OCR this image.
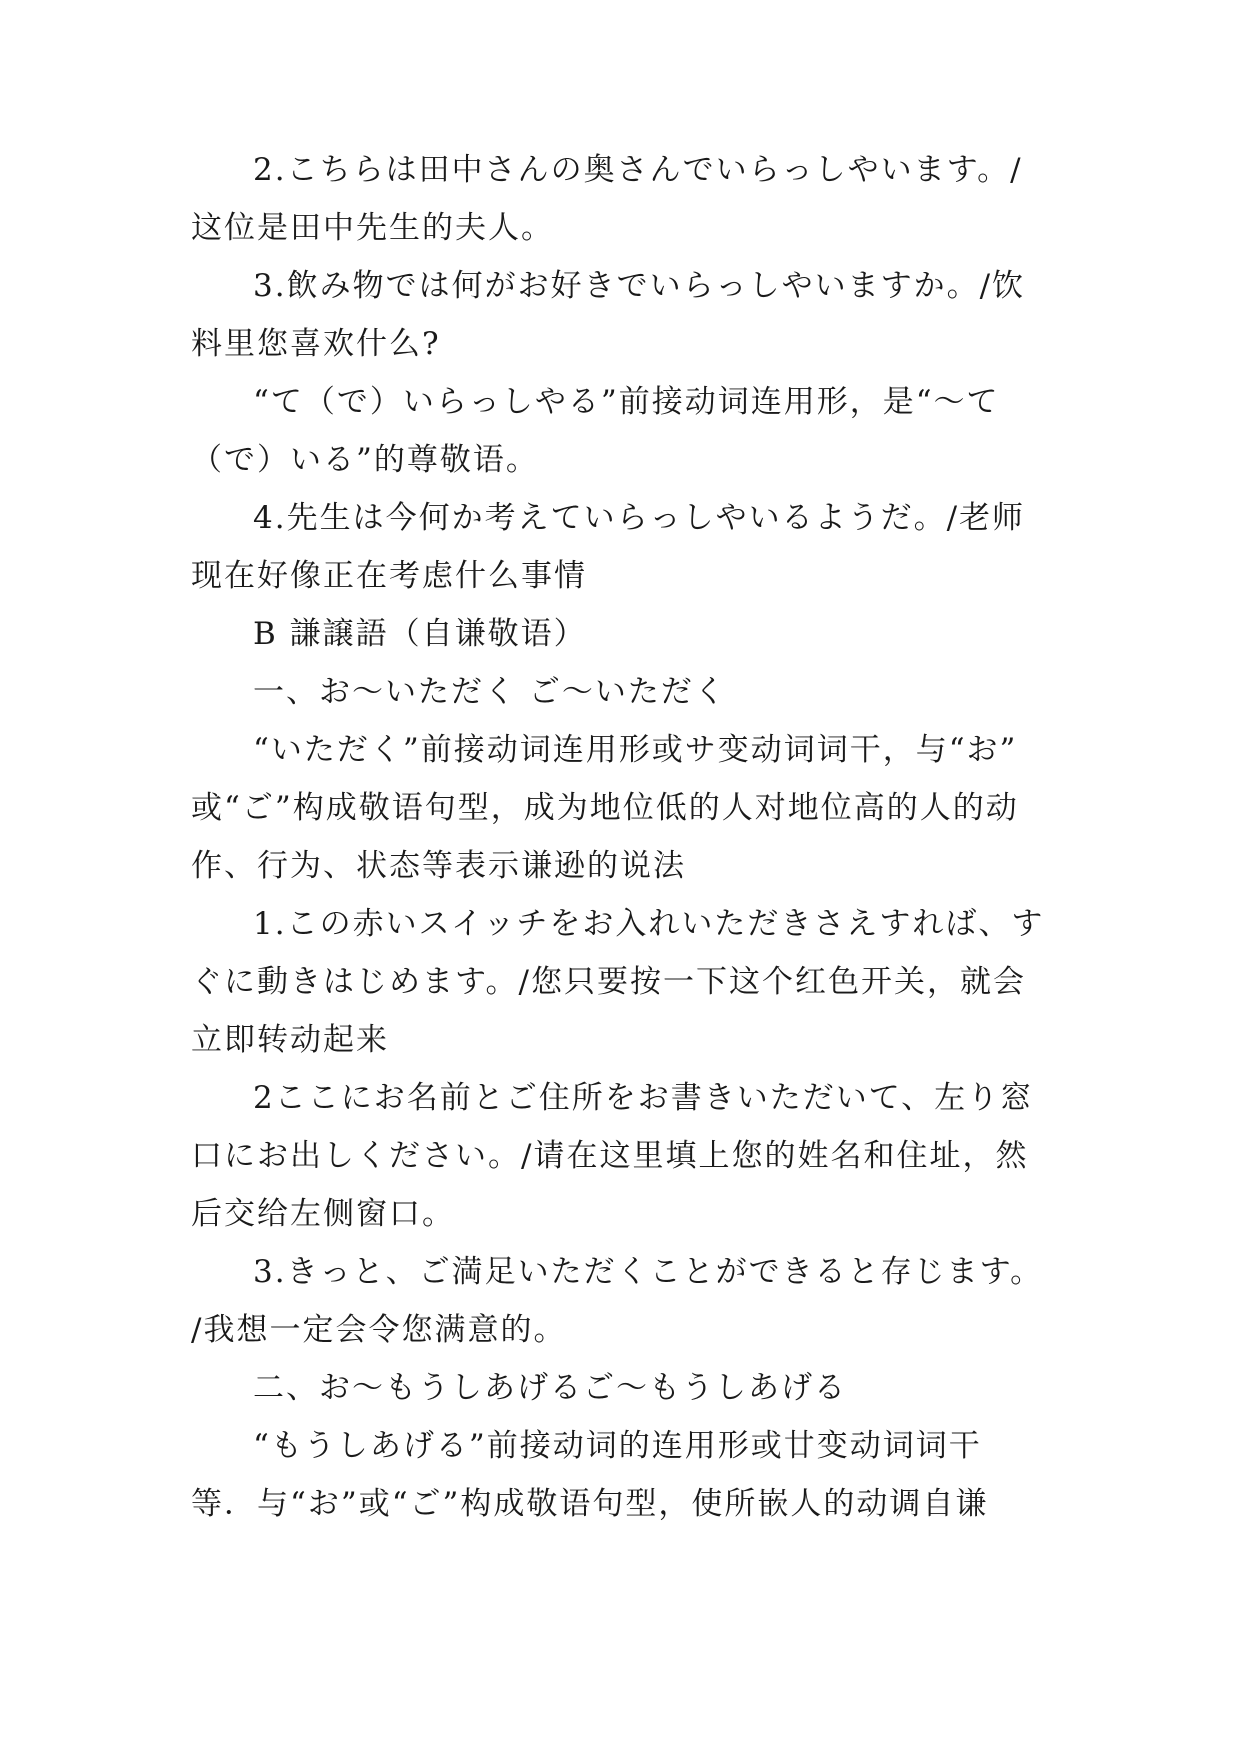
2.こちらは田中さんの奥さんでいらっしやいます。/
这位是田中先生的夫人。
3.飲み物では何がお好きでいらっしやいますか。/饮
料里您喜欢什么?
“て（で）いらっしやる”前接动词连用形，是“～て
（で）いる”的尊敬语。
4.先生は今何か考えていらっしやいるようだ。/老师
现在好像正在考虑什么事情
B 謙譲語（自谦敬语）
一、お～いただく ご～いただく
“いただく”前接动词连用形或サ变动词词干，与“お”
或“ご”构成敬语句型，成为地位低的人对地位高的人的动
作、行为、状态等表示谦逊的说法
1.この赤いスイッチをお入れいただきさえすれば、す
ぐに動きはじめます。/您只要按一下这个红色开关，就会
立即转动起来
2ここにお名前とご住所をお書きいただいて、左り窓
口にお出しください。/请在这里填上您的姓名和住址，然
后交给左侧窗口。
3.きっと、ご満足いただくことができると存じます。
/我想一定会令您满意的。
二、お～もうしあげるご～もうしあげる
“もうしあげる”前接动词的连用形或廿变动词词干
等．与“お”或“ご”构成敬语句型，使所嵌人的动调自谦
